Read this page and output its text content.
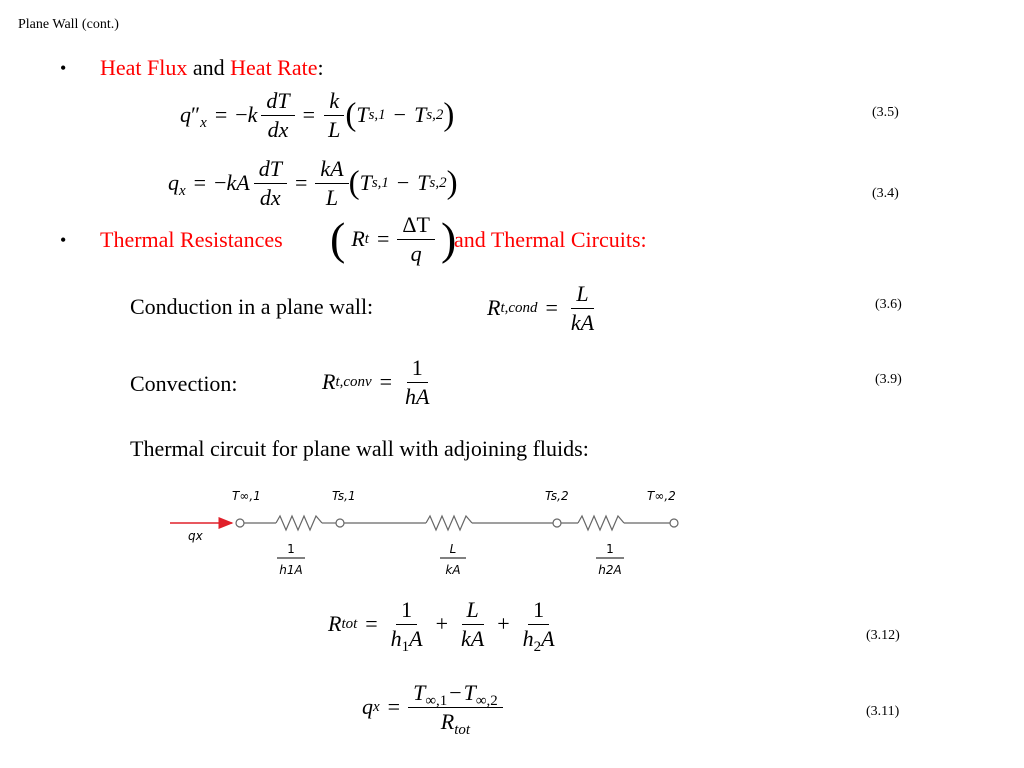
Plane Wall (cont.)
• Heat Flux and Heat Rate:
$q''_x$ = − k $\frac{dT}{dx} = \frac{k}{L}$ ( T s,1 − T s,2 )	(3.5)
$q_x$ = − kA $\frac{dT}{dx} = \frac{kA}{L}$ ( T s,1 − T s,2 )	(3.4)
• Thermal Resistances ( R $t = \frac{\Delta T}{q}$ )
and Thermal Circuits:
Conduction in a plane wall:	R t,cond = $\frac{L}{kA}$	(3.6)
Convection:	R t,conv = $\frac{1}{hA}$	(3.9)
Thermal circuit for plane wall with adjoining fluids:
qx
T∞,1	Ts,1	Ts,2	T∞,2
1
h1A
L
kA
1
h2A
R tot = $\frac{1}{h_1A} + \frac{L}{kA} + \frac{1}{h_2A}$	(3.12)
q $x = \frac{T_{\infty,1}-T_{\infty,2}}{R_{tot}}$	(3.11)
